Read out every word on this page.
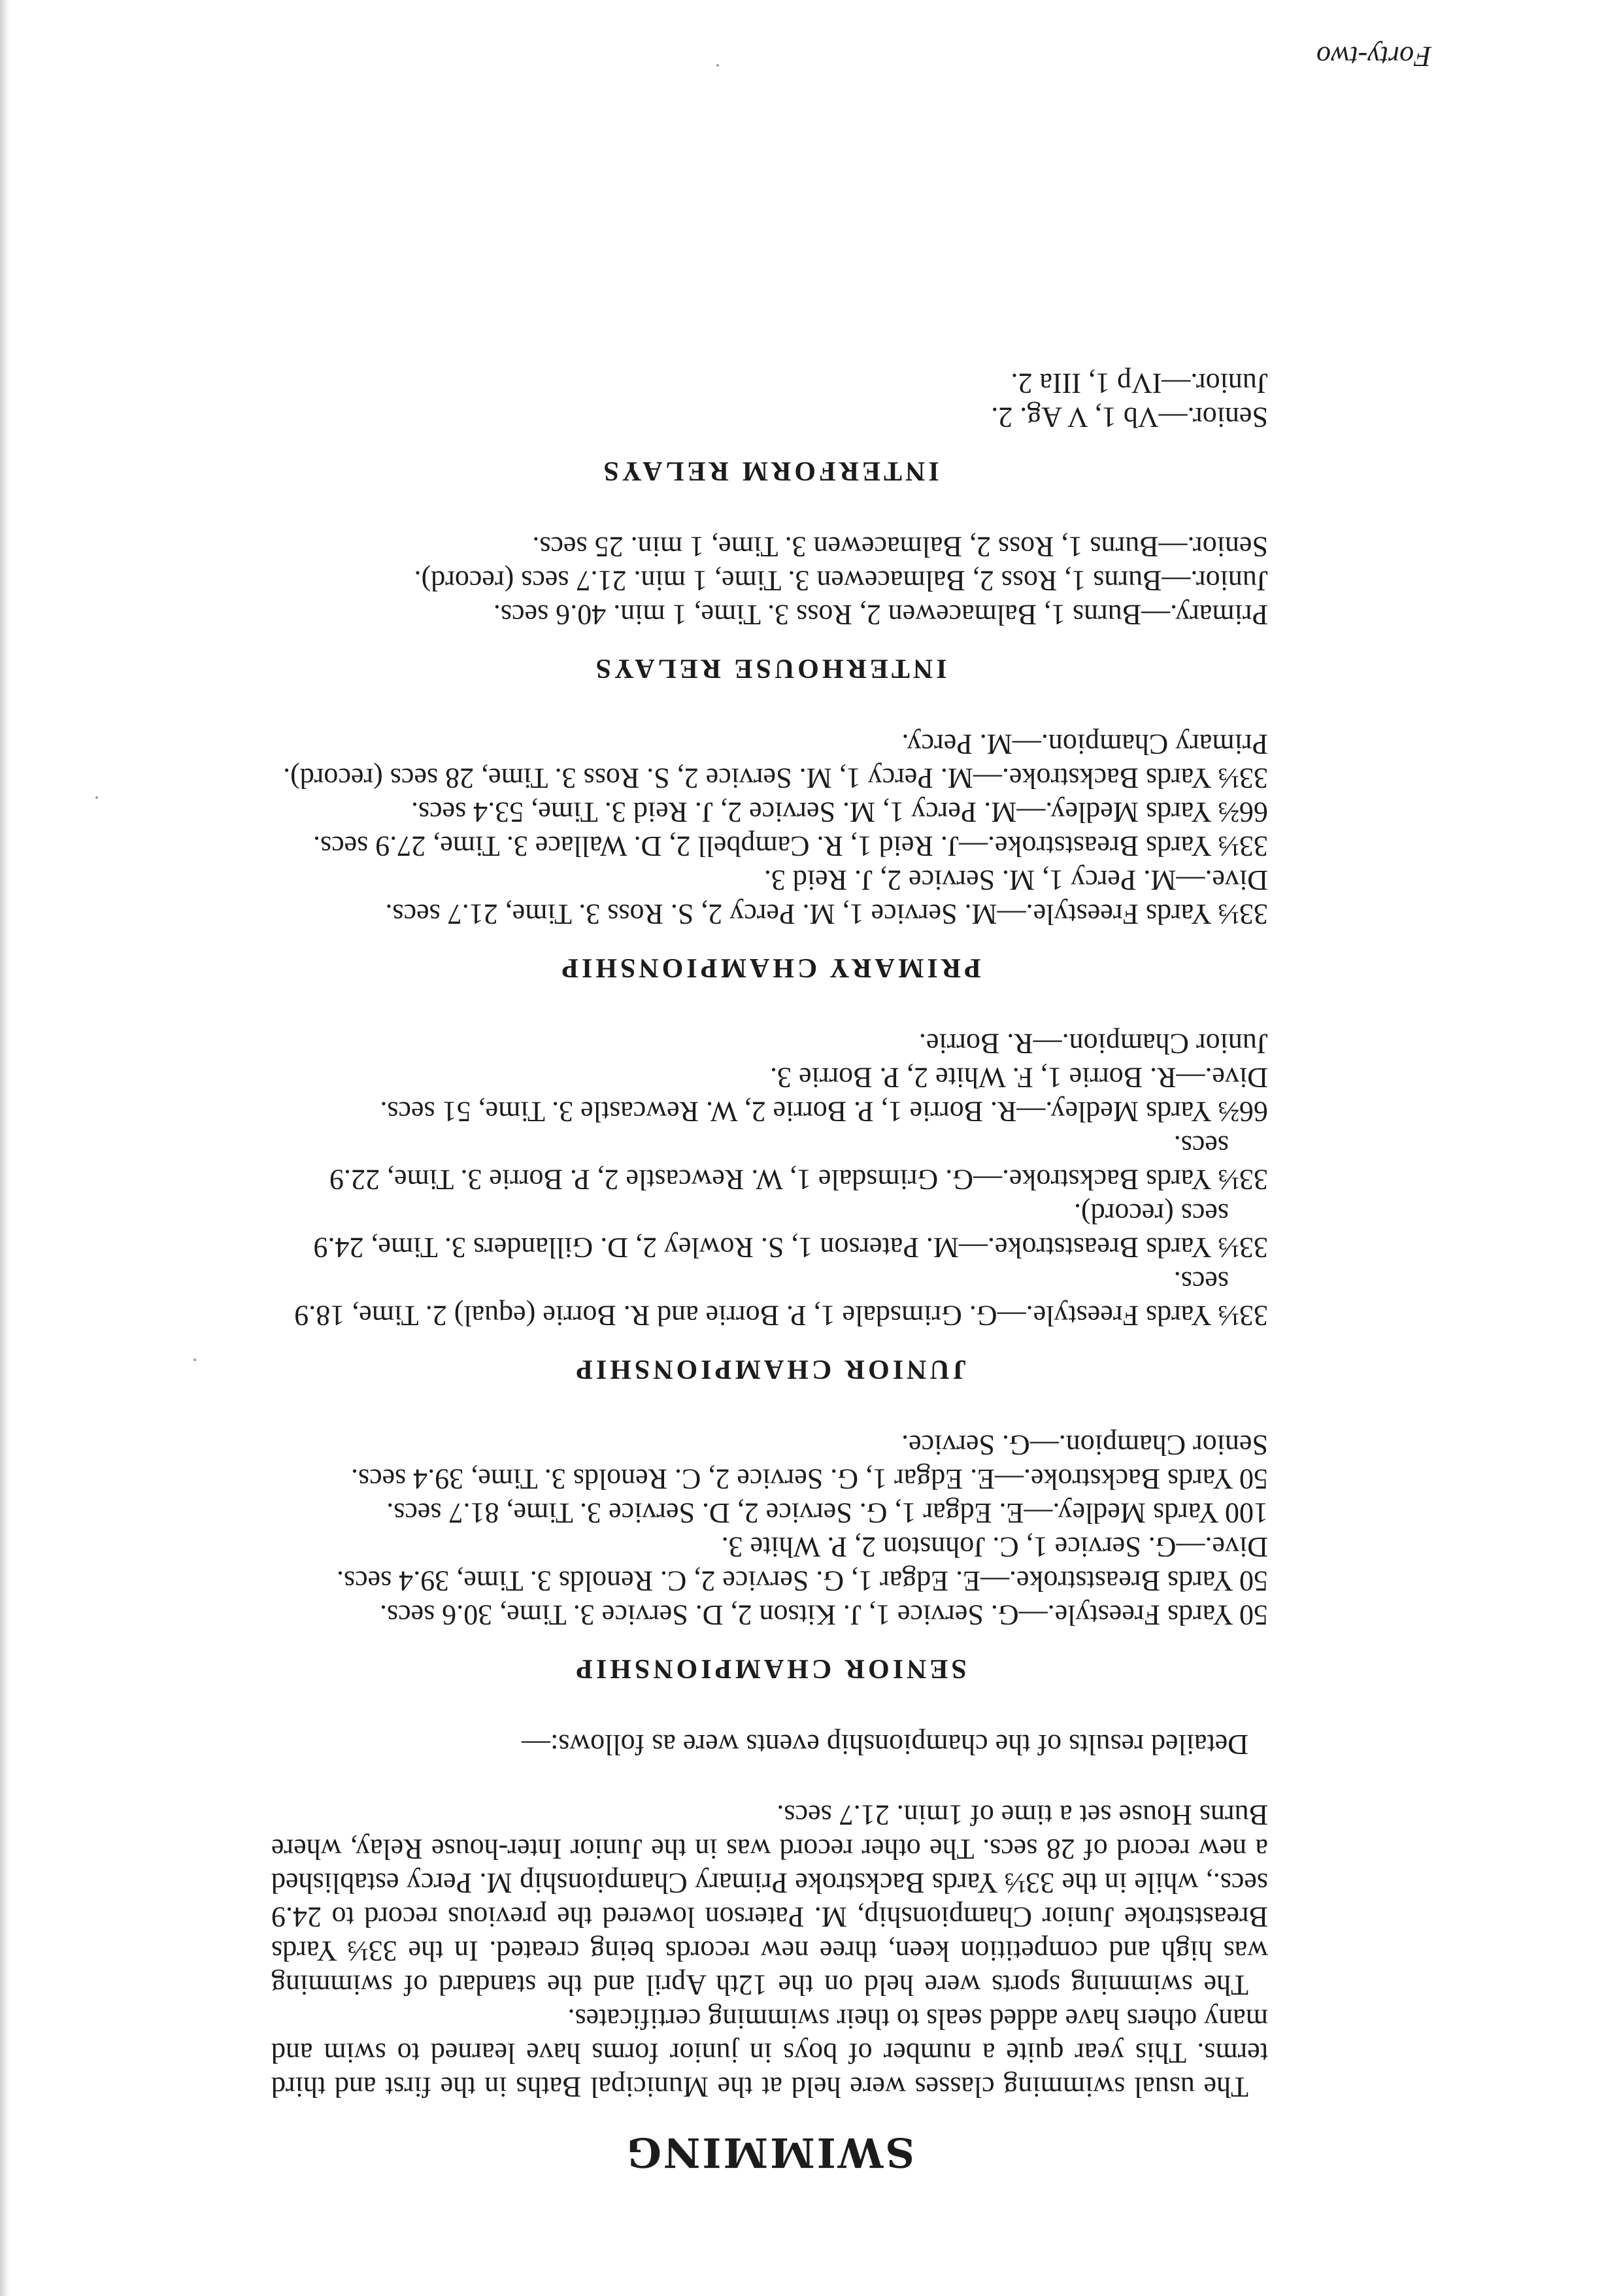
SWIMMING

The usual swimming classes were held at the Municipal Baths in the first and third terms. This year quite a number of boys in junior forms have learned to swim and many others have added seals to their swimming certificates.

The swimming sports were held on the 12th April and the standard of swimming was high and competition keen, three new records being created. In the 33⅓ Yards Breaststroke Junior Championship, M. Paterson lowered the previous record to 24.9 secs., while in the 33⅓ Yards Backstroke Primary Championship M. Percy established a new record of 28 secs. The other record was in the Junior Inter-house Relay, where Burns House set a time of 1min. 21.7 secs.

Detailed results of the championship events were as follows:—

SENIOR CHAMPIONSHIP

50 Yards Freestyle.—G. Service 1, J. Kitson 2, D. Service 3. Time, 30.6 secs.

50 Yards Breaststroke.—E. Edgar 1, G. Service 2, C. Renolds 3. Time, 39.4 secs.

Dive.—G. Service 1, C. Johnston 2, P. White 3.

100 Yards Medley.—E. Edgar 1, G. Service 2, D. Service 3. Time, 81.7 secs.

50 Yards Backstroke.—E. Edgar 1, G. Service 2, C. Renolds 3. Time, 39.4 secs.

Senior Champion.—G. Service.

JUNIOR CHAMPIONSHIP

33⅓ Yards Freestyle.—G. Grimsdale 1, P. Borrie and R. Borrie (equal) 2. Time, 18.9 secs.

33⅓ Yards Breaststroke.—M. Paterson 1, S. Rowley 2, D. Gillanders 3. Time, 24.9 secs (record).

33⅓ Yards Backstroke.—G. Grimsdale 1, W. Rewcastle 2, P. Borrie 3. Time, 22.9 secs.

66⅔ Yards Medley.—R. Borrie 1, P. Borrie 2, W. Rewcastle 3. Time, 51 secs.

Dive.—R. Borrie 1, F. White 2, P. Borrie 3.

Junior Champion.—R. Borrie.

PRIMARY CHAMPIONSHIP

33⅓ Yards Freestyle.—M. Service 1, M. Percy 2, S. Ross 3. Time, 21.7 secs.

Dive.—M. Percy 1, M. Service 2, J. Reid 3.

33⅓ Yards Breaststroke.—J. Reid 1, R. Campbell 2, D. Wallace 3. Time, 27.9 secs.

66⅔ Yards Medley.—M. Percy 1, M. Service 2, J. Reid 3. Time, 53.4 secs.

33⅓ Yards Backstroke.—M. Percy 1, M. Service 2, S. Ross 3. Time, 28 secs (record).

Primary Champion.—M. Percy.

INTERHOUSE RELAYS

Primary.—Burns 1, Balmacewen 2, Ross 3. Time, 1 min. 40.6 secs.

Junior.—Burns 1, Ross 2, Balmacewen 3. Time, 1 min. 21.7 secs (record).

Senior.—Burns 1, Ross 2, Balmacewen 3. Time, 1 min. 25 secs.

INTERFORM RELAYS

Senior.—Vb 1, V Ag. 2.

Junior.—IVp 1, IIIa 2.

Forty-two
